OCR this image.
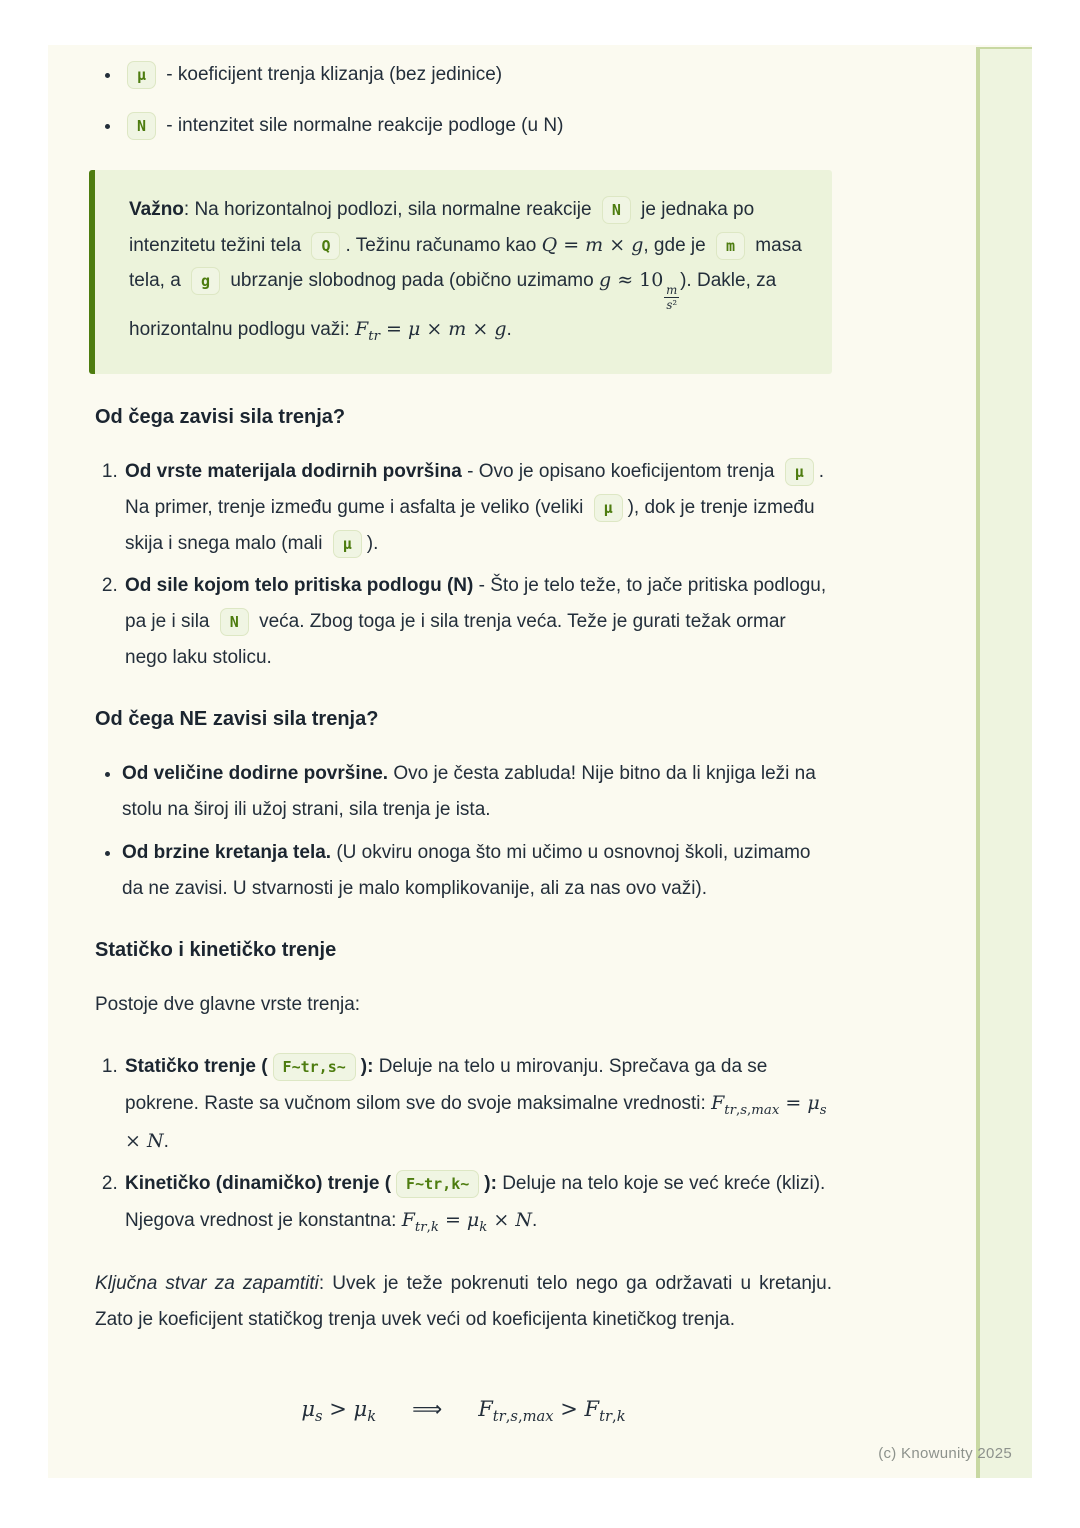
• μ - koeficijent trenja klizanja (bez jedinice)
• N - intenzitet sile normalne reakcije podloge (u N)
Važno: Na horizontalnoj podlozi, sila normalne reakcije N je jednaka po intenzitetu težini tela Q . Težinu računamo kao Q = m × g, gde je m masa tela, a g ubrzanje slobodnog pada (obično uzimamo g ≈ 10
$\frac{m}{\text{s²}}$
). Dakle, za horizontalnu podlogu važi: $F_{tr} = \mu \times m \times g$.
Od čega zavisi sila trenja?
1. Od vrste materijala dodirnih površina - Ovo je opisano koeficijentom trenja μ . Na primer, trenje između gume i asfalta je veliko (veliki μ ), dok je trenje između skija i snega malo (mali μ ).
2. Od sile kojom telo pritiska podlogu (N) - Što je telo teže, to jače pritiska podlogu, pa je i sila N veća. Zbog toga je i sila trenja veća. Teže je gurati težak ormar nego laku stolicu.
Od čega NE zavisi sila trenja?
• Od veličine dodirne površine. Ovo je česta zabluda! Nije bitno da li knjiga leži na stolu na široj ili užoj strani, sila trenja je ista.
• Od brzine kretanja tela. (U okviru onoga što mi učimo u osnovnoj školi, uzimamo da ne zavisi. U stvarnosti je malo komplikovanije, ali za nas ovo važi).
Statičko i kinetičko trenje

Postoje dve glavne vrste trenja:

1. Statičko trenje ( F~tr,s~ ): Deluje na telo u mirovanju. Sprečava ga da se pokrene. Raste sa vučnom silom sve do svoje maksimalne vrednosti: $F_{tr,s,max} = \mu_s \times N$.
2. Kinetičko (dinamičko) trenje ( F~tr,k~ ): Deluje na telo koje se već kreće (klizi). Njegova vrednost je konstantna: $F_{tr,k} = \mu_k \times N$.

Ključna stvar za zapamtiti: Uvek je teže pokrenuti telo nego ga održavati u kretanju. Zato je koeficijent statičkog trenja uvek veći od koeficijenta kinetičkog trenja.

$\mu_s > \mu_k$ ⟹ $F_{tr,s,max} > F_{tr,k}$
(c) Knowunity 2025
